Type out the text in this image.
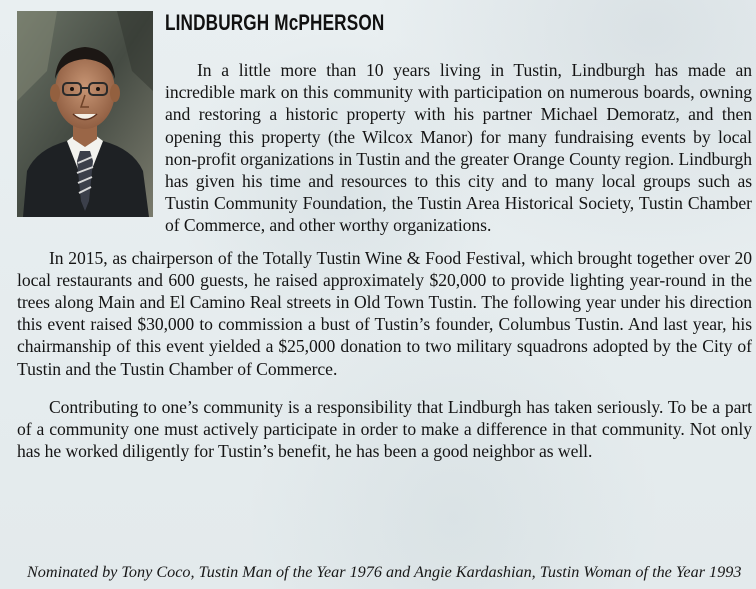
LINDBURGH McPHERSON

In a little more than 10 years living in Tustin, Lindburgh has made an incredible mark on this community with participation on numerous boards, owning and restoring a historic property with his partner Michael Demoratz, and then opening this property (the Wilcox Manor) for many fundraising events by local non-profit organizations in Tustin and the greater Orange County region. Lindburgh has given his time and resources to this city and to many local groups such as Tustin Community Foundation, the Tustin Area Historical Society, Tustin Chamber of Commerce, and other worthy organizations.

In 2015, as chairperson of the Totally Tustin Wine & Food Festival, which brought together over 20 local restaurants and 600 guests, he raised approximately $20,000 to provide lighting year-round in the trees along Main and El Camino Real streets in Old Town Tustin. The following year under his direction this event raised $30,000 to commission a bust of Tustin’s founder, Columbus Tustin. And last year, his chairmanship of this event yielded a $25,000 donation to two military squadrons adopted by the City of Tustin and the Tustin Chamber of Commerce.

Contributing to one’s community is a responsibility that Lindburgh has taken seriously. To be a part of a community one must actively participate in order to make a difference in that community. Not only has he worked diligently for Tustin’s benefit, he has been a good neighbor as well.

Nominated by Tony Coco, Tustin Man of the Year 1976 and Angie Kardashian, Tustin Woman of the Year 1993
